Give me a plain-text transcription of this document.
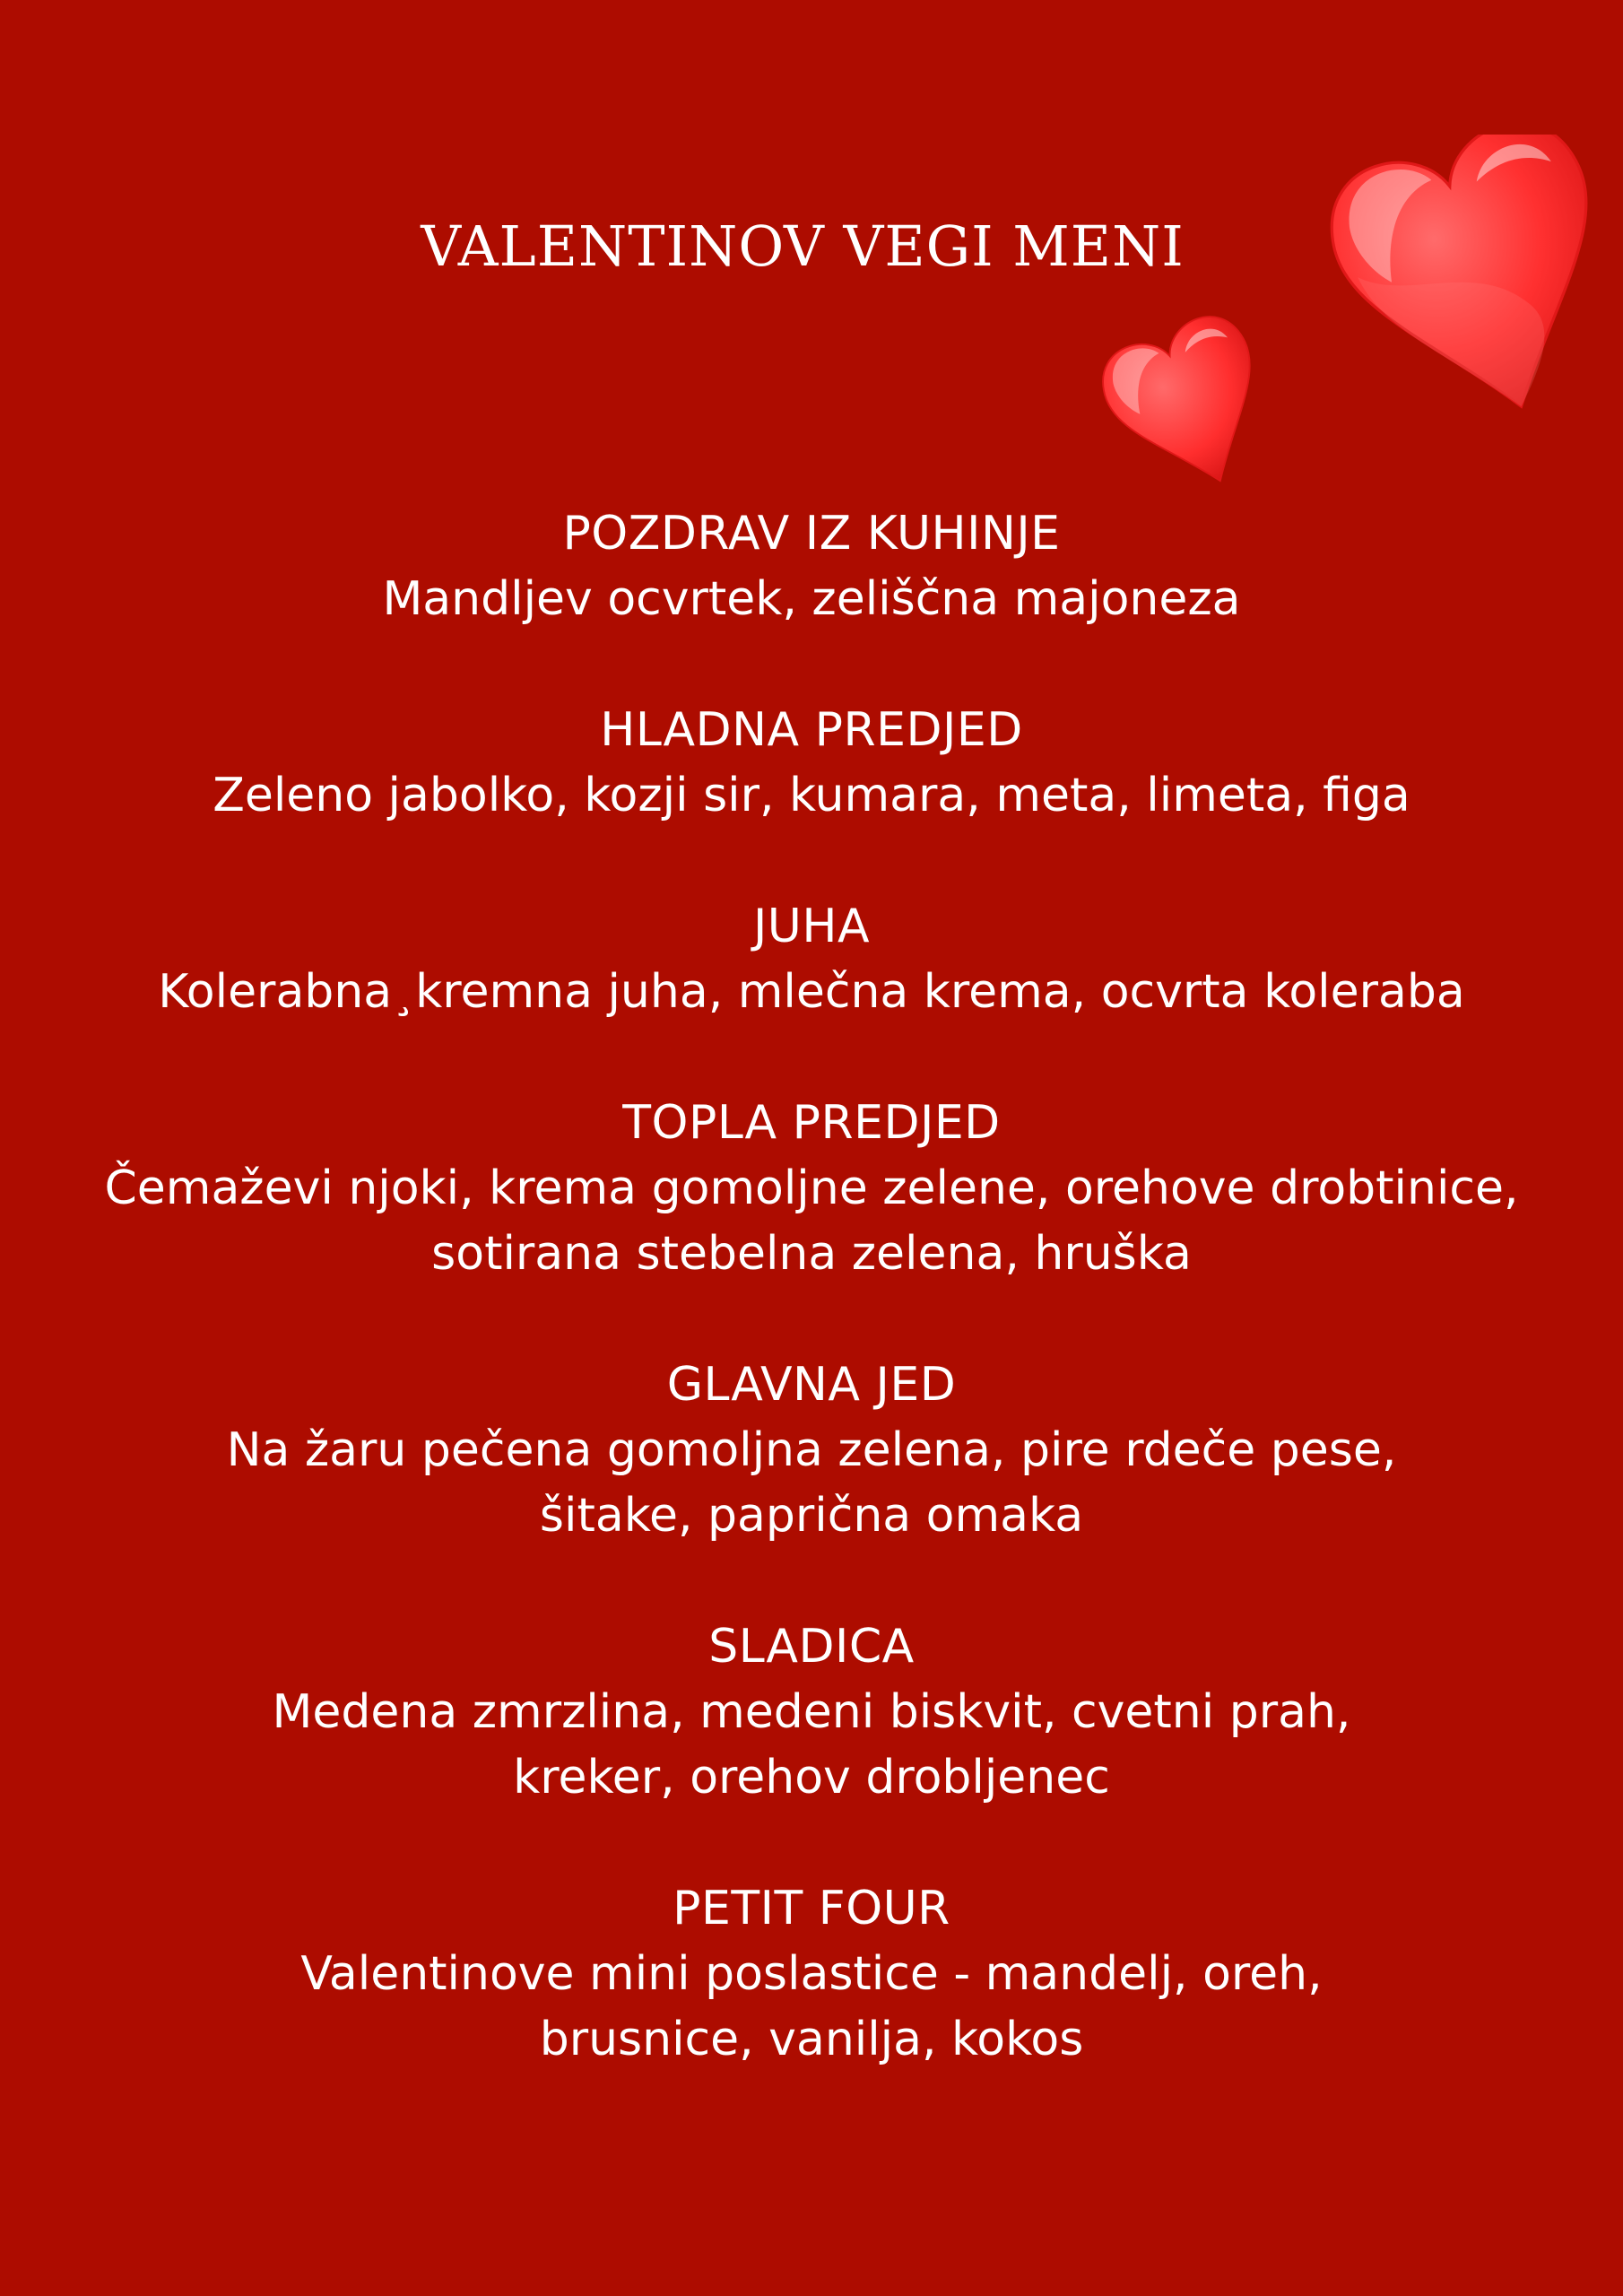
VALENTINOV VEGI MENI
POZDRAV IZ KUHINJE
Mandljev ocvrtek, zeliščna majoneza
HLADNA PREDJED
Zeleno jabolko, kozji sir, kumara, meta, limeta, figa
JUHA
Kolerabna¸kremna juha, mlečna krema, ocvrta koleraba
TOPLA PREDJED
Čemaževi njoki, krema gomoljne zelene, orehove drobtinice,
sotirana stebelna zelena, hruška
GLAVNA JED
Na žaru pečena gomoljna zelena, pire rdeče pese,
šitake, paprična omaka
SLADICA
Medena zmrzlina, medeni biskvit, cvetni prah,
kreker, orehov drobljenec
PETIT FOUR
Valentinove mini poslastice - mandelj, oreh,
brusnice, vanilja, kokos
